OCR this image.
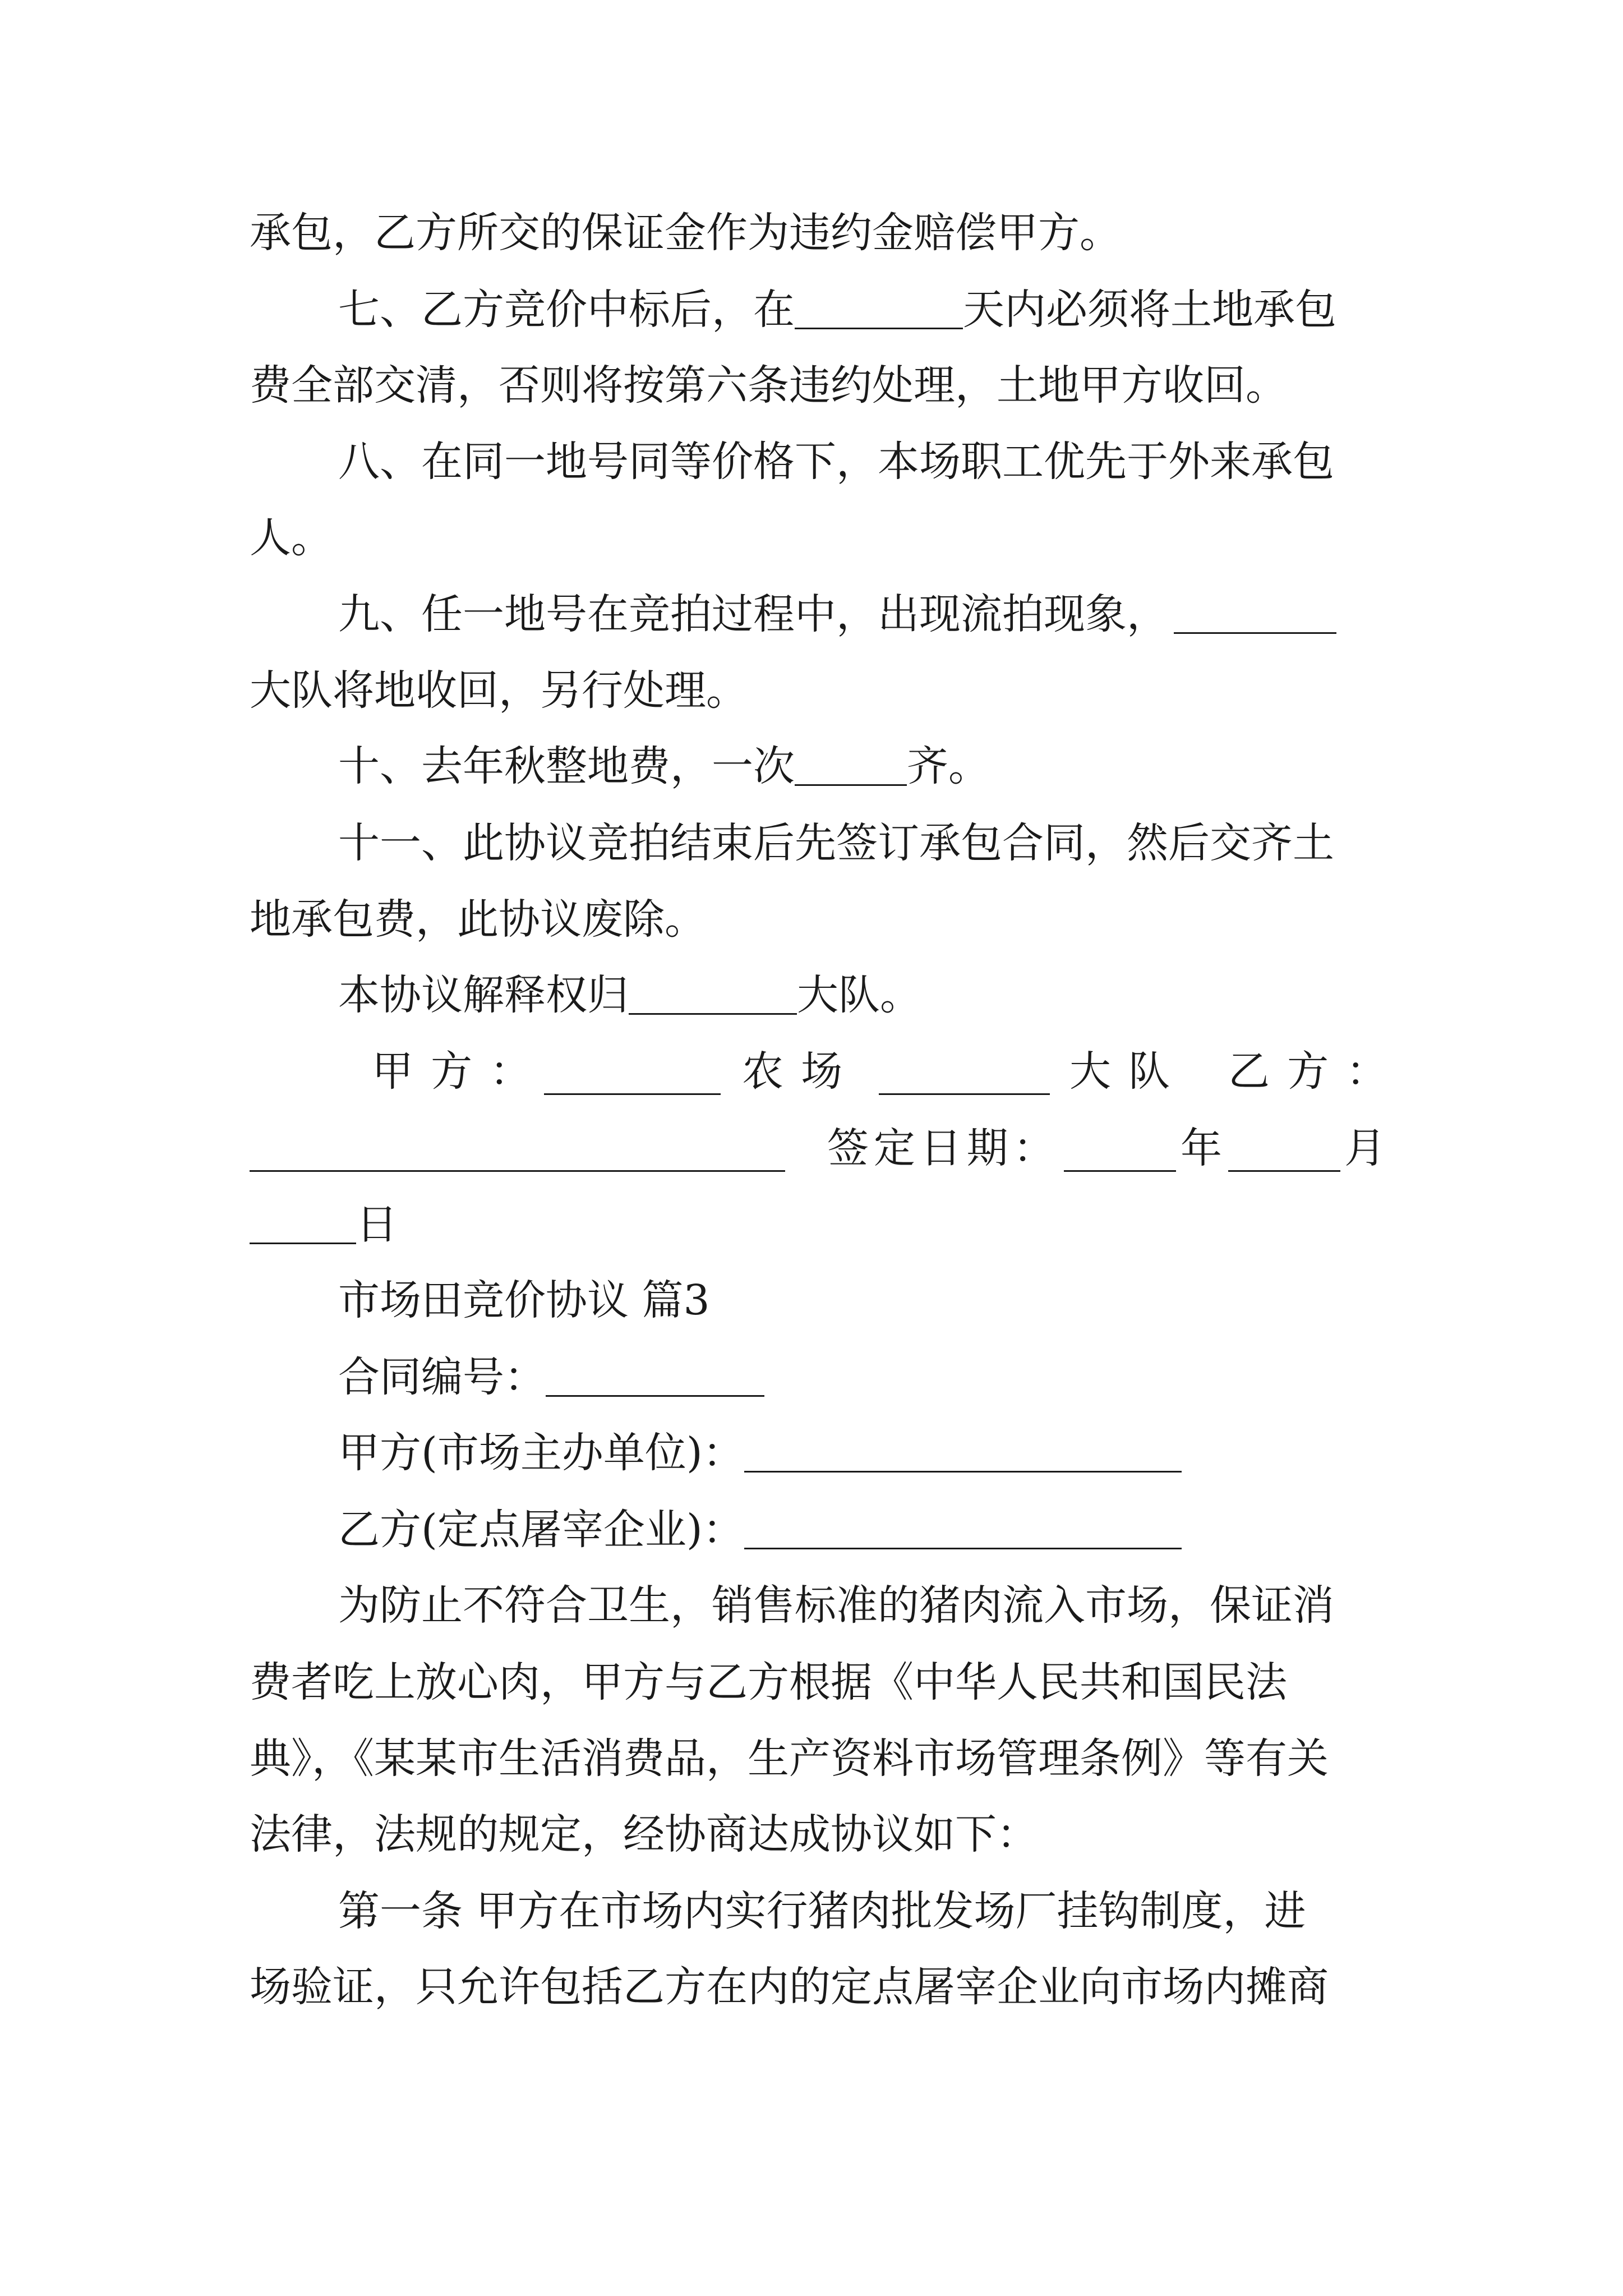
承包，乙方所交的保证金作为违约金赔偿甲方。
七、乙方竞价中标后，在	天内必须将土地承包
费全部交清，否则将按第六条违约处理，土地甲方收回。
八、在同一地号同等价格下，本场职工优先于外来承包
人。
九、任一地号在竞拍过程中，出现流拍现象，
大队将地收回，另行处理。
十、去年秋整地费，一次	齐。
十一、此协议竞拍结束后先签订承包合同，然后交齐土
地承包费，此协议废除。
本协议解释权归	大队。
甲方：	农场	大队 乙方：
签定日期：	年	月
日
市场田竞价协议 篇3
合同编号：
甲方(市场主办单位)：
乙方(定点屠宰企业)：
为防止不符合卫生，销售标准的猪肉流入市场，保证消
费者吃上放心肉，甲方与乙方根据《中华人民共和国民法
典》，《某某市生活消费品，生产资料市场管理条例》等有关
法律，法规的规定，经协商达成协议如下：
第一条 甲方在市场内实行猪肉批发场厂挂钩制度，进
场验证，只允许包括乙方在内的定点屠宰企业向市场内摊商
